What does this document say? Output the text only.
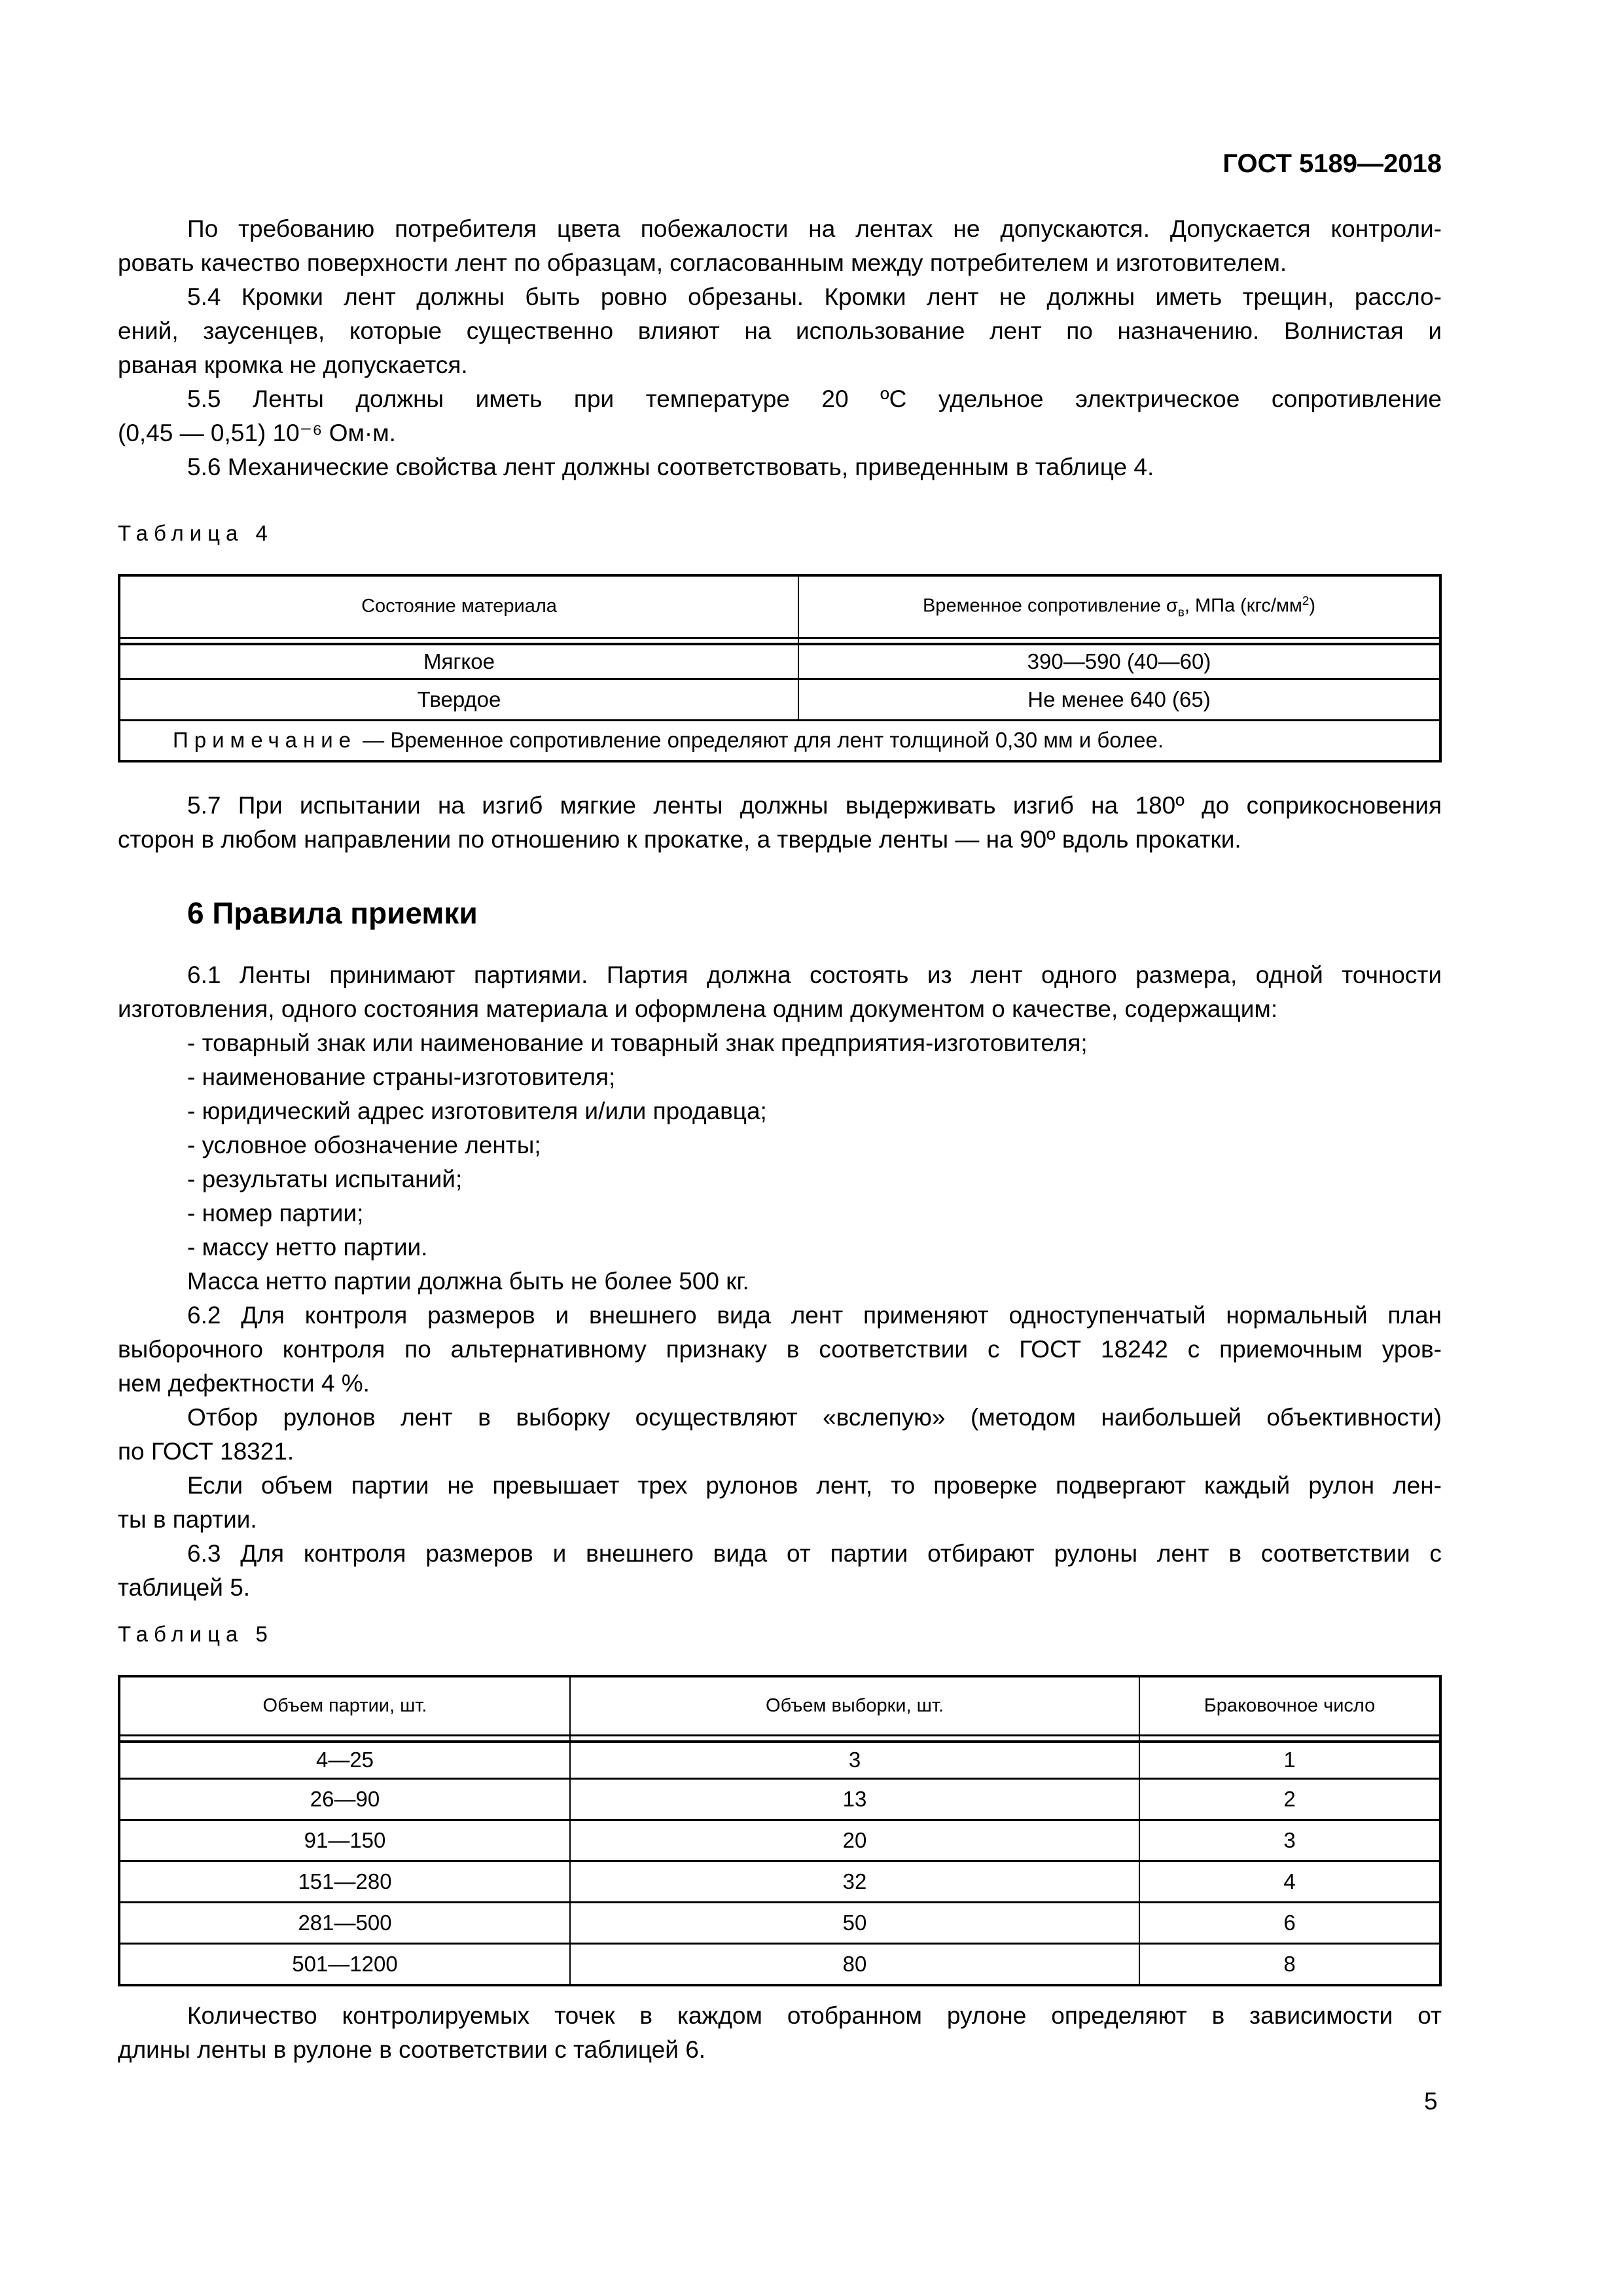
ГОСТ 5189—2018
По требованию потребителя цвета побежалости на лентах не допускаются. Допускается контроли-
ровать качество поверхности лент по образцам, согласованным между потребителем и изготовителем.
5.4 Кромки лент должны быть ровно обрезаны. Кромки лент не должны иметь трещин, рассло-
ений, заусенцев, которые существенно влияют на использование лент по назначению. Волнистая и
рваная кромка не допускается.
5.5 Ленты должны иметь при температуре 20 ºС удельное электрическое сопротивление
(0,45 — 0,51) 10⁻⁶ Ом·м.
5.6 Механические свойства лент должны соответствовать, приведенным в таблице 4.
Таблица 4
Состояние материала	Временное сопротивление $\sigma_в$, МПа $(кгс/мм^2)$

Мягкое	390—590 (40—60)
Твердое	Не менее 640 (65)
Примечание — Временное сопротивление определяют для лент толщиной 0,30 мм и более.	
5.7 При испытании на изгиб мягкие ленты должны выдерживать изгиб на 180º до соприкосновения
сторон в любом направлении по отношению к прокатке, а твердые ленты — на 90º вдоль прокатки.
6 Правила приемки
6.1 Ленты принимают партиями. Партия должна состоять из лент одного размера, одной точности
изготовления, одного состояния материала и оформлена одним документом о качестве, содержащим:
- товарный знак или наименование и товарный знак предприятия-изготовителя;
- наименование страны-изготовителя;
- юридический адрес изготовителя и/или продавца;
- условное обозначение ленты;
- результаты испытаний;
- номер партии;
- массу нетто партии.
Масса нетто партии должна быть не более 500 кг.
6.2 Для контроля размеров и внешнего вида лент применяют одноступенчатый нормальный план
выборочного контроля по альтернативному признаку в соответствии с ГОСТ 18242 с приемочным уров-
нем дефектности 4 %.
Отбор рулонов лент в выборку осуществляют «вслепую» (методом наибольшей объективности)
по ГОСТ 18321.
Если объем партии не превышает трех рулонов лент, то проверке подвергают каждый рулон лен-
ты в партии.
6.3 Для контроля размеров и внешнего вида от партии отбирают рулоны лент в соответствии с
таблицей 5.
Таблица 5
Объем партии, шт.	Объем выборки, шт.	Браковочное число

4—25	3	1
26—90	13	2
91—150	20	3
151—280	32	4
281—500	50	6
501—1200	80	8
Количество контролируемых точек в каждом отобранном рулоне определяют в зависимости от
длины ленты в рулоне в соответствии с таблицей 6.
5
